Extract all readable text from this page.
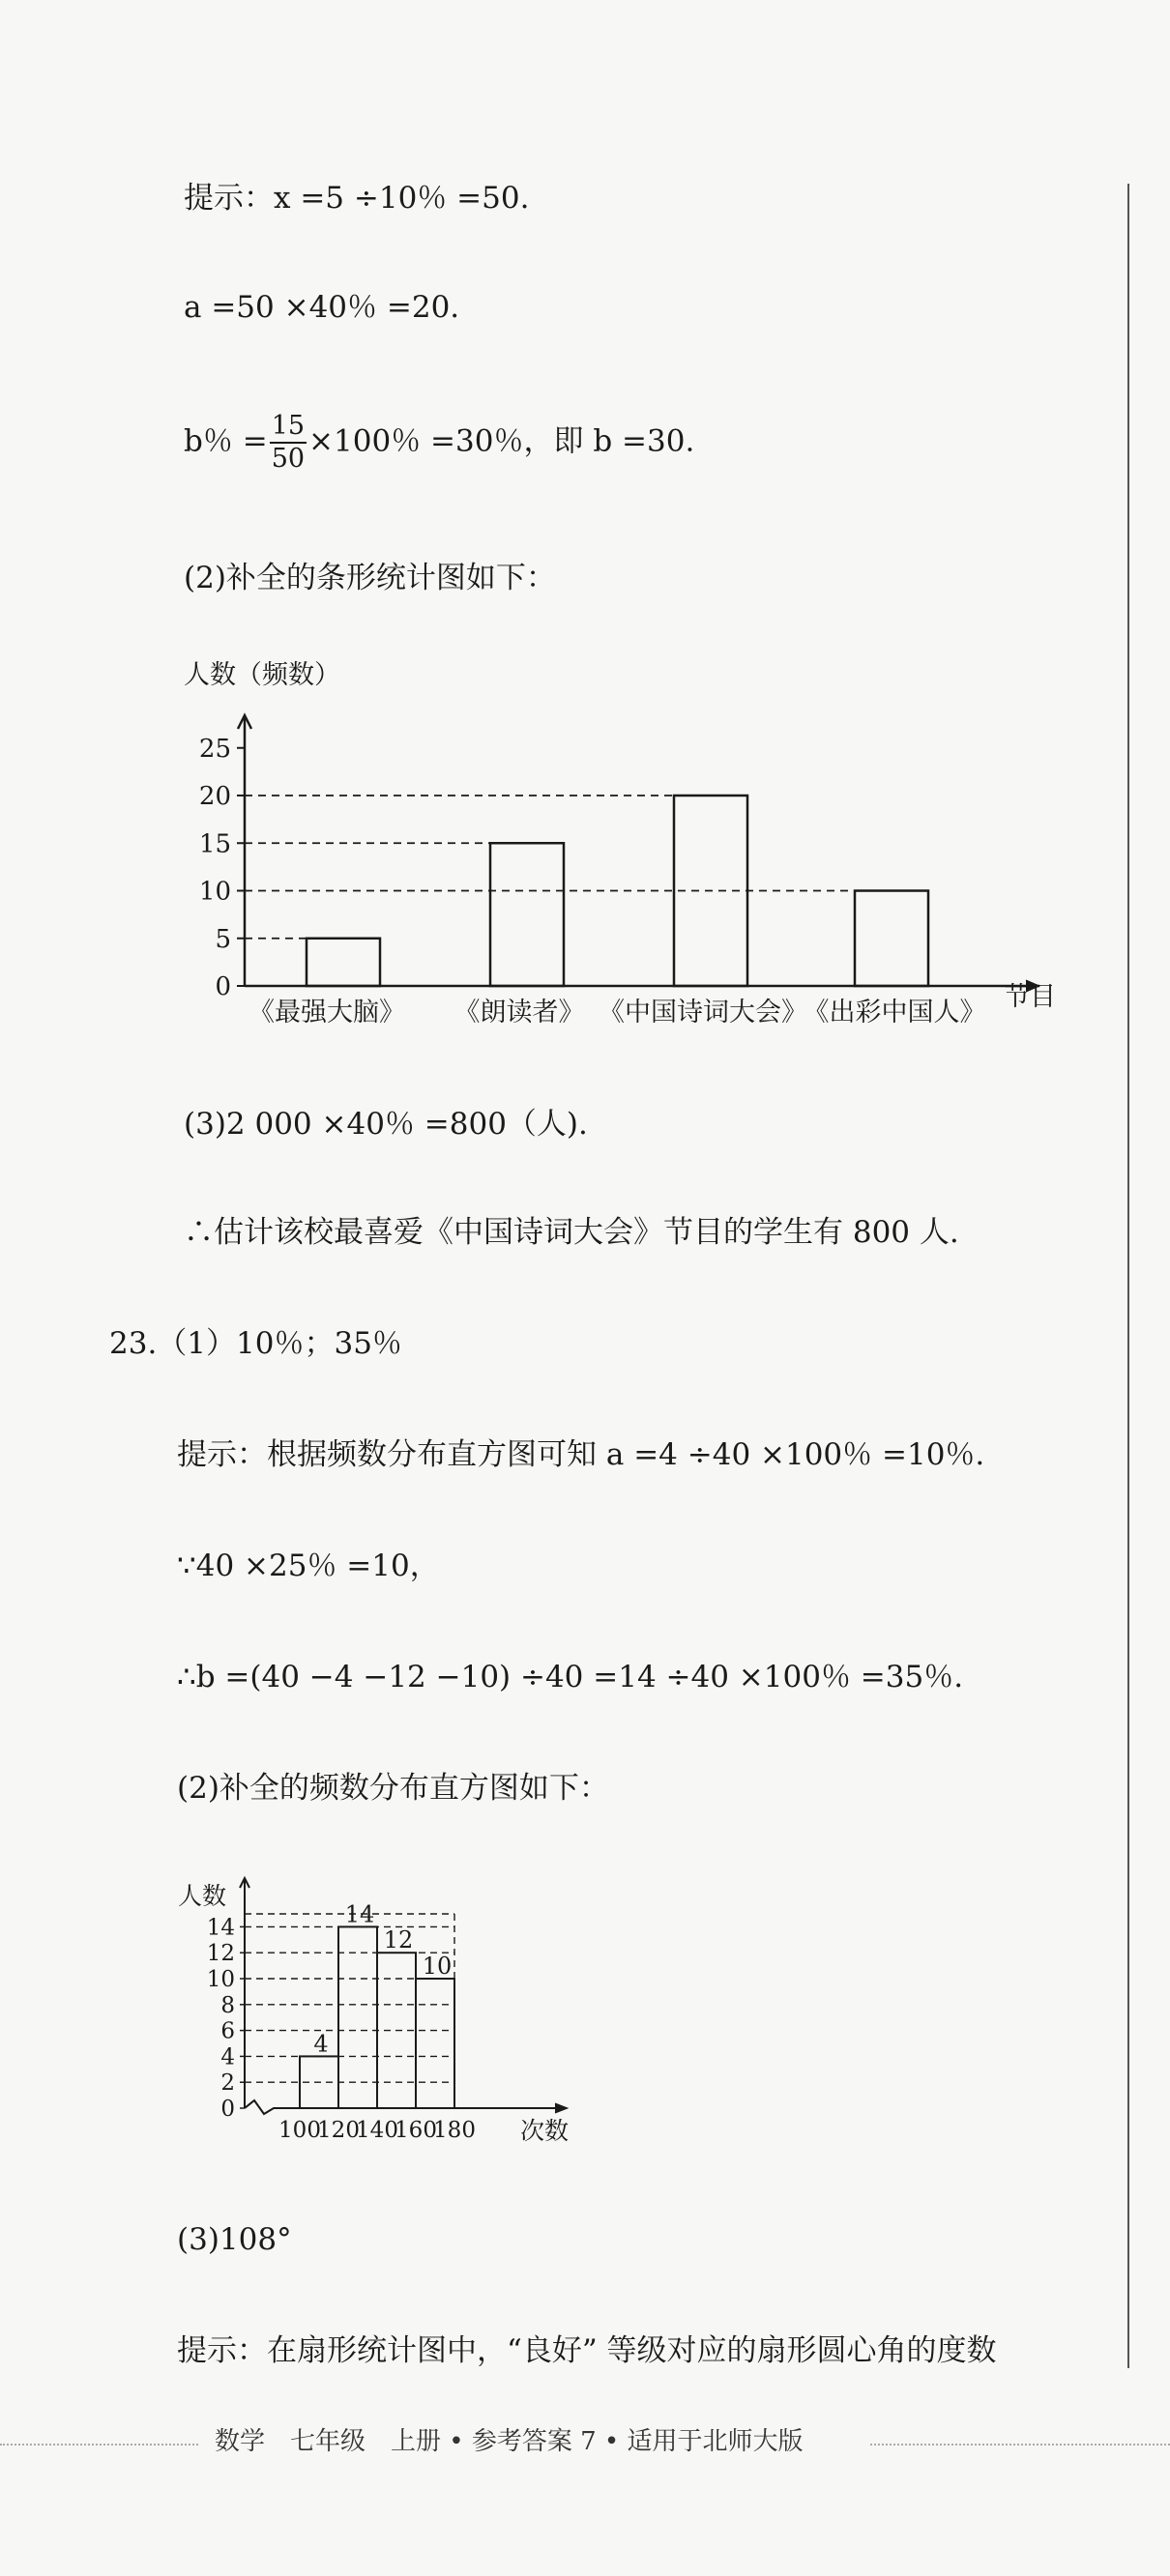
提示：x =5 ÷10％ =50.
a =50 ×40％ =20.
b％ = $\frac{15}{50} \times 100$％ =30％，即 b =30.
(2)补全的条形统计图如下：
人数（频数）
节目
0
5
10
15
20
25
《最强大脑》 《朗读者》 《中国诗词大会》
《出彩中国人》
(3)2 000 ×40％ =800（人).
∴估计该校最喜爱《中国诗词大会》节目的学生有 800 人.
23.（1）10％；35％
提示：根据频数分布直方图可知 a =4 ÷40 ×100％ =10％.
∵40 ×25％ =10，
∴b =(40 −4 −12 −10) ÷40 =14 ÷40 ×100％ =35％.
(2)补全的频数分布直方图如下：
人数
次数
0
2
4
6
8
10
12
14
4
14
12
10
100
120
140
160
180
(3)108°
提示：在扇形统计图中，“良好” 等级对应的扇形圆心角的度数
数学　七年级　上册 • 参考答案 7 • 适用于北师大版
